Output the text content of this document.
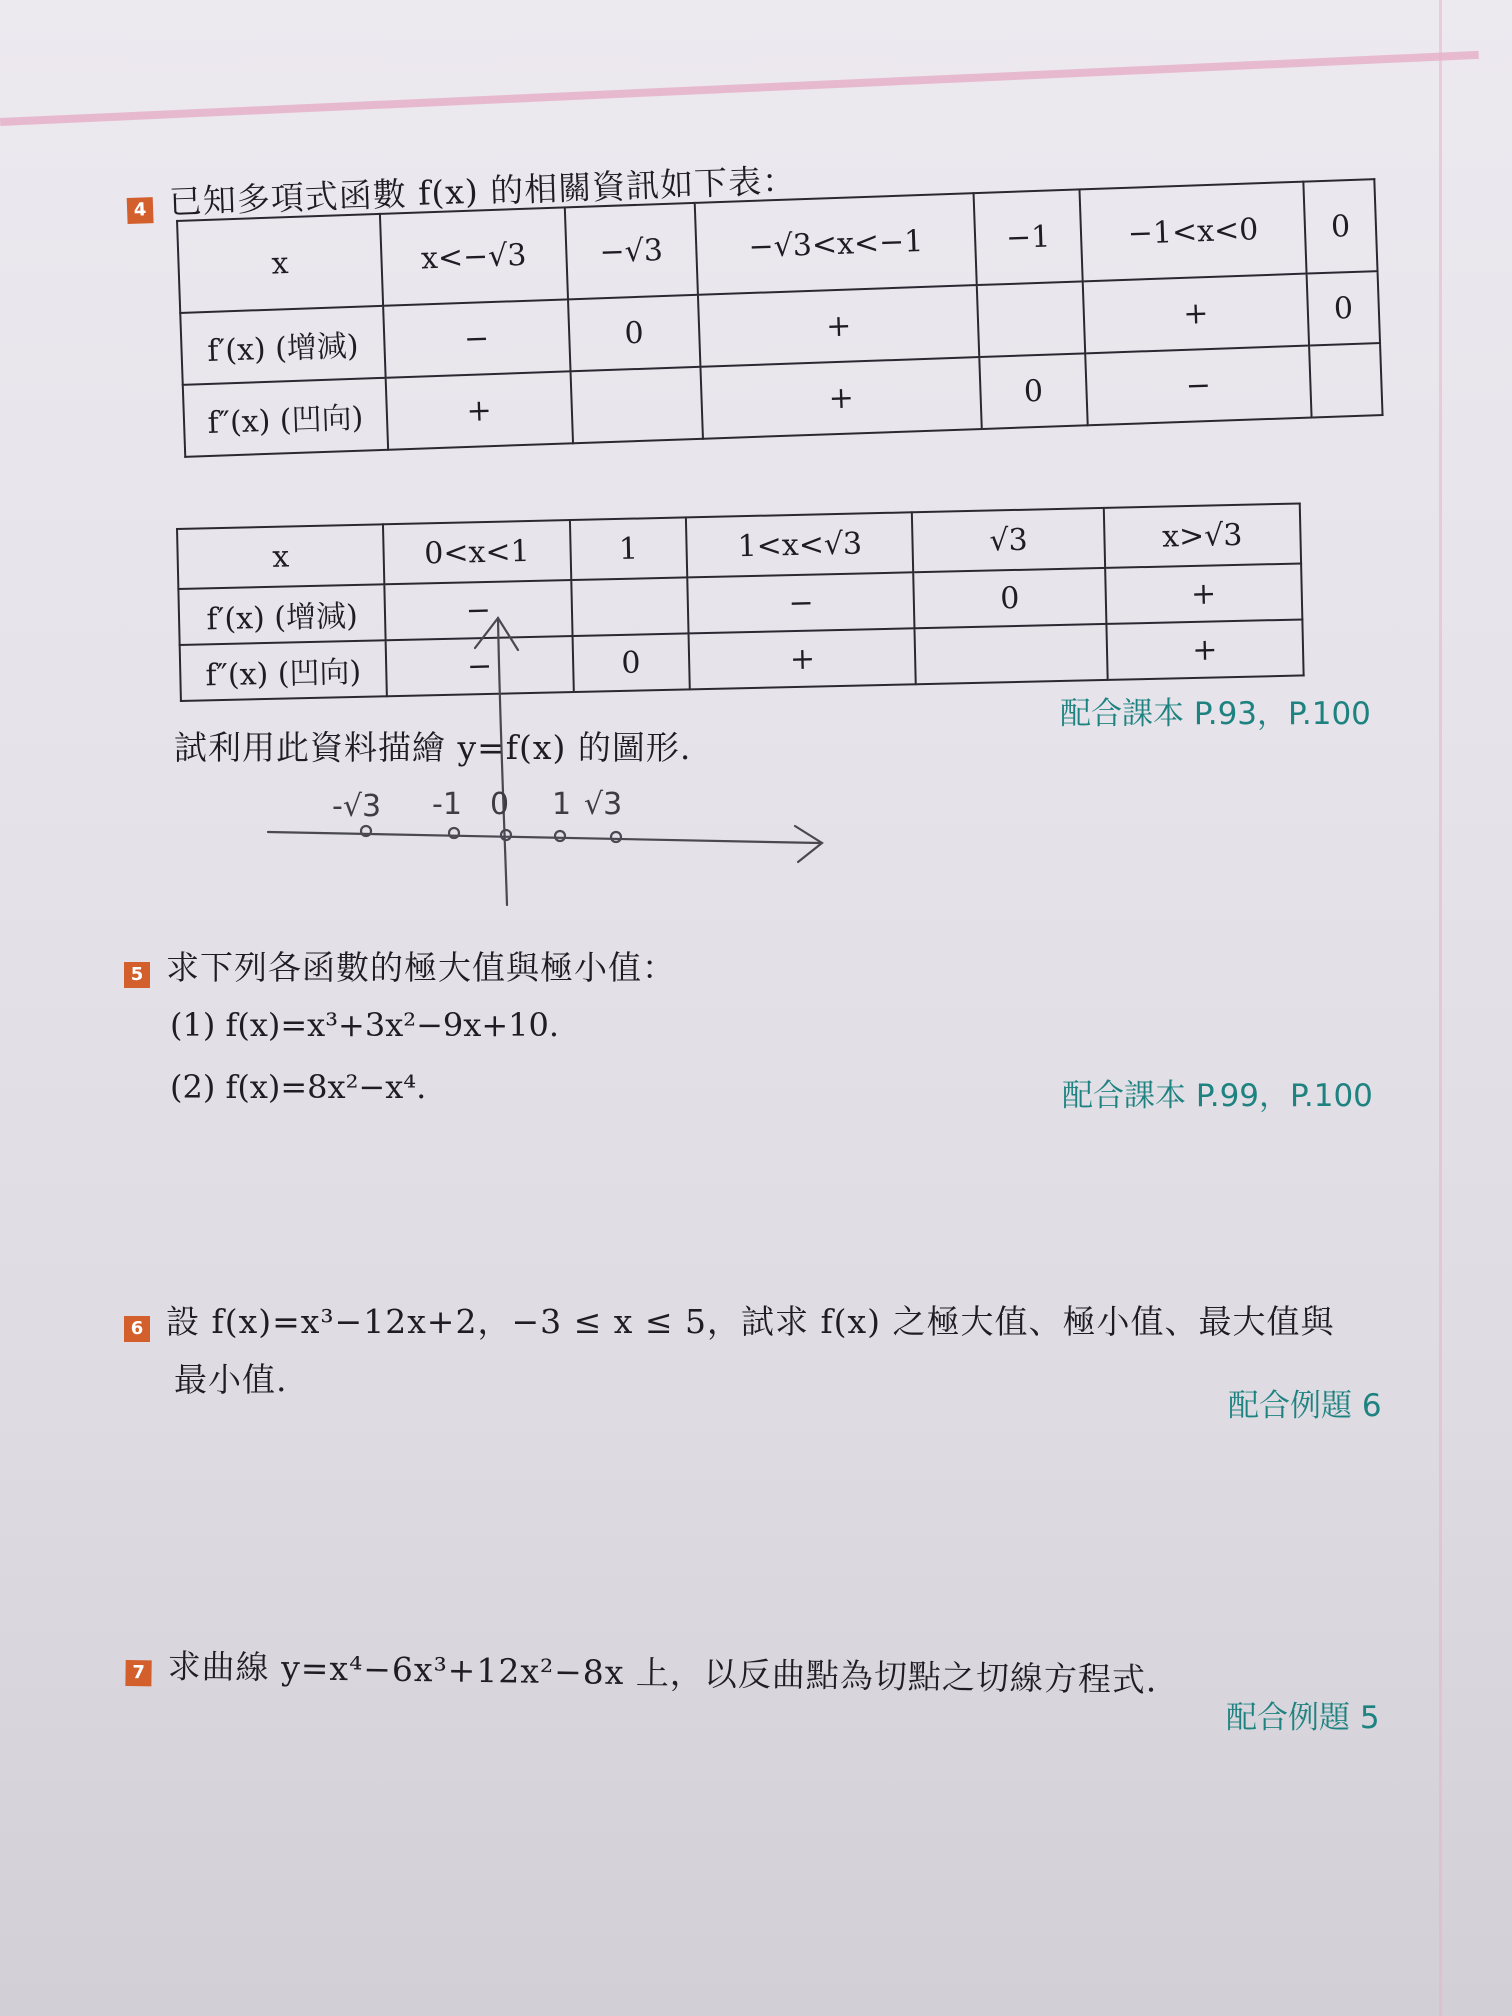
4 已知多項式函數 f(x) 的相關資訊如下表：
x	x<−√3	−√3	−√3<x<−1	−1	−1<x<0	0
f′(x) (增減)	−	0	+		+	0
f″(x) (凹向)	+		+	0	−	
x	0<x<1	1	1<x<√3	√3	x>√3
f′(x) (增減)	−		−	0	+
f″(x) (凹向)	−	0	+		+
配合課本 P.93，P.100
試利用此資料描繪 y=f(x) 的圖形.
-√3 -1 0 1 √3
5 求下列各函數的極大值與極小值：
(1) f(x)=x³+3x²−9x+10.
(2) f(x)=8x²−x⁴.	配合課本 P.99，P.100
6 設 f(x)=x³−12x+2，−3 ≤ x ≤ 5，試求 f(x) 之極大值、極小值、最大值與
最小值.
配合例題 6
7 求曲線 y=x⁴−6x³+12x²−8x 上，以反曲點為切點之切線方程式.
配合例題 5
